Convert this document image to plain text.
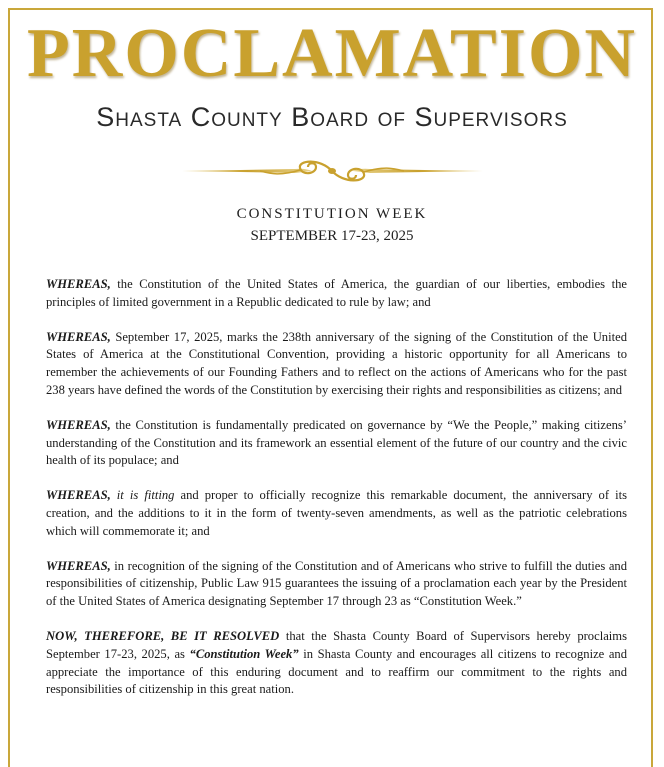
PROCLAMATION
Shasta County Board of Supervisors
CONSTITUTION WEEK
SEPTEMBER 17-23, 2025

WHEREAS, the Constitution of the United States of America, the guardian of our liberties, embodies the principles of limited government in a Republic dedicated to rule by law; and

WHEREAS, September 17, 2025, marks the 238th anniversary of the signing of the Constitution of the United States of America at the Constitutional Convention, providing a historic opportunity for all Americans to remember the achievements of our Founding Fathers and to reflect on the actions of Americans who for the past 238 years have defined the words of the Constitution by exercising their rights and responsibilities as citizens; and

WHEREAS, the Constitution is fundamentally predicated on governance by “We the People,” making citizens’ understanding of the Constitution and its framework an essential element of the future of our country and the civic health of its populace; and

WHEREAS, it is fitting and proper to officially recognize this remarkable document, the anniversary of its creation, and the additions to it in the form of twenty-seven amendments, as well as the patriotic celebrations which will commemorate it; and

WHEREAS, in recognition of the signing of the Constitution and of Americans who strive to fulfill the duties and responsibilities of citizenship, Public Law 915 guarantees the issuing of a proclamation each year by the President of the United States of America designating September 17 through 23 as “Constitution Week.”

NOW, THEREFORE, BE IT RESOLVED that the Shasta County Board of Supervisors hereby proclaims September 17-23, 2025, as “Constitution Week” in Shasta County and encourages all citizens to recognize and appreciate the importance of this enduring document and to reaffirm our commitment to the rights and responsibilities of citizenship in this great nation.
